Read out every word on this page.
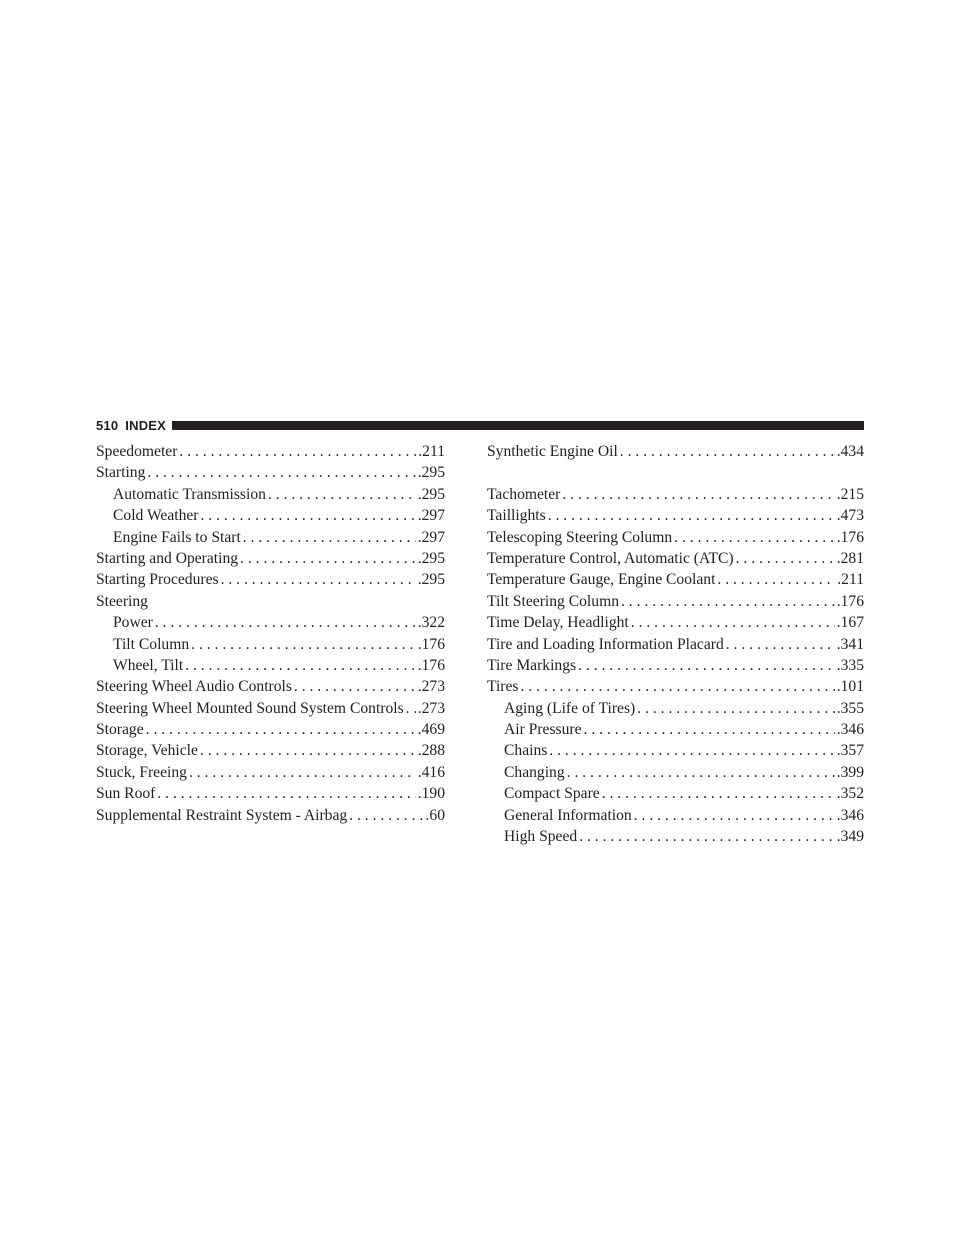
510 INDEX
Speedometer . . .	.211
Starting . . .	.295
Automatic Transmission . . .	.295
Cold Weather . . .	.297
Engine Fails to Start . . .	.297
Starting and Operating . . .	.295
Starting Procedures . . .	.295
Steering
Power . . .	.322
Tilt Column . . .	.176
Wheel, Tilt . . .	.176
Steering Wheel Audio Controls . . .	.273
Steering Wheel Mounted Sound System Controls . . . .273
Storage . . .	.469
Storage, Vehicle . . .	.288
Stuck, Freeing . . .	.416
Sun Roof . . .	.190
Supplemental Restraint System - Airbag . . .	.60
Synthetic Engine Oil . . .	.434
Tachometer . . .	.215
Taillights . . .	.473
Telescoping Steering Column . . .	.176
Temperature Control, Automatic (ATC) . . .	.281
Temperature Gauge, Engine Coolant . . .	.211
Tilt Steering Column . . .	.176
Time Delay, Headlight . . .	.167
Tire and Loading Information Placard . . .	.341
Tire Markings . . .	.335
Tires . . .	.101
Aging (Life of Tires) . . .	.355
Air Pressure . . .	.346
Chains . . .	.357
Changing . . .	.399
Compact Spare . . .	.352
General Information . . .	.346
High Speed . . .	.349
